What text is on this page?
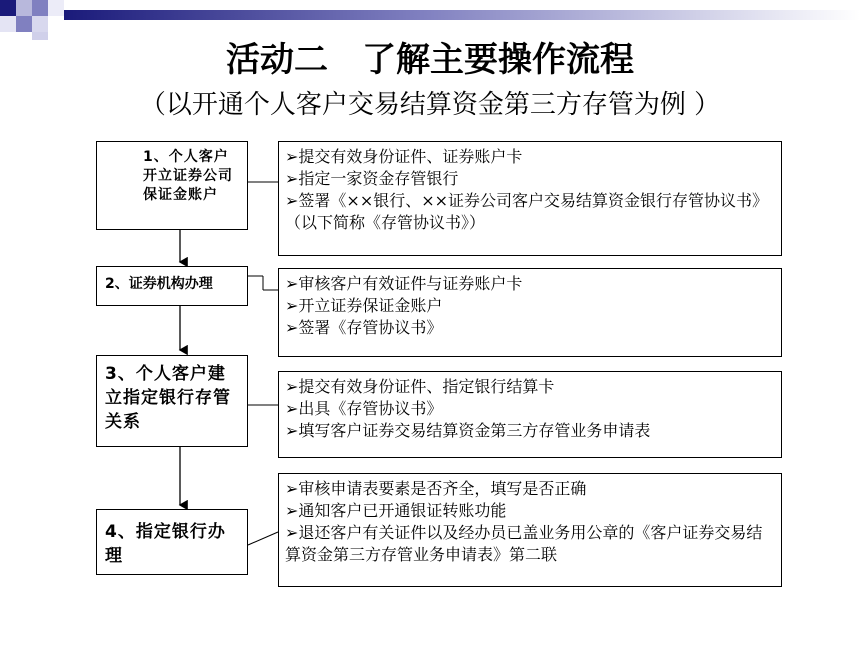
活动二　了解主要操作流程
（以开通个人客户交易结算资金第三方存管为例 ）
1、个人客户开立证券公司保证金账户
2、证券机构办理
3、个人客户建立指定银行存管关系
4、指定银行办理
➢提交有效身份证件、证券账户卡
➢指定一家资金存管银行
➢签署《××银行、××证券公司客户交易结算资金银行存管协议书》（以下简称《存管协议书》）
➢审核客户有效证件与证券账户卡
➢开立证券保证金账户
➢签署《存管协议书》
➢提交有效身份证件、指定银行结算卡
➢出具《存管协议书》
➢填写客户证券交易结算资金第三方存管业务申请表
➢审核申请表要素是否齐全，填写是否正确
➢通知客户已开通银证转账功能
➢退还客户有关证件以及经办员已盖业务用公章的《客户证券交易结算资金第三方存管业务申请表》第二联
